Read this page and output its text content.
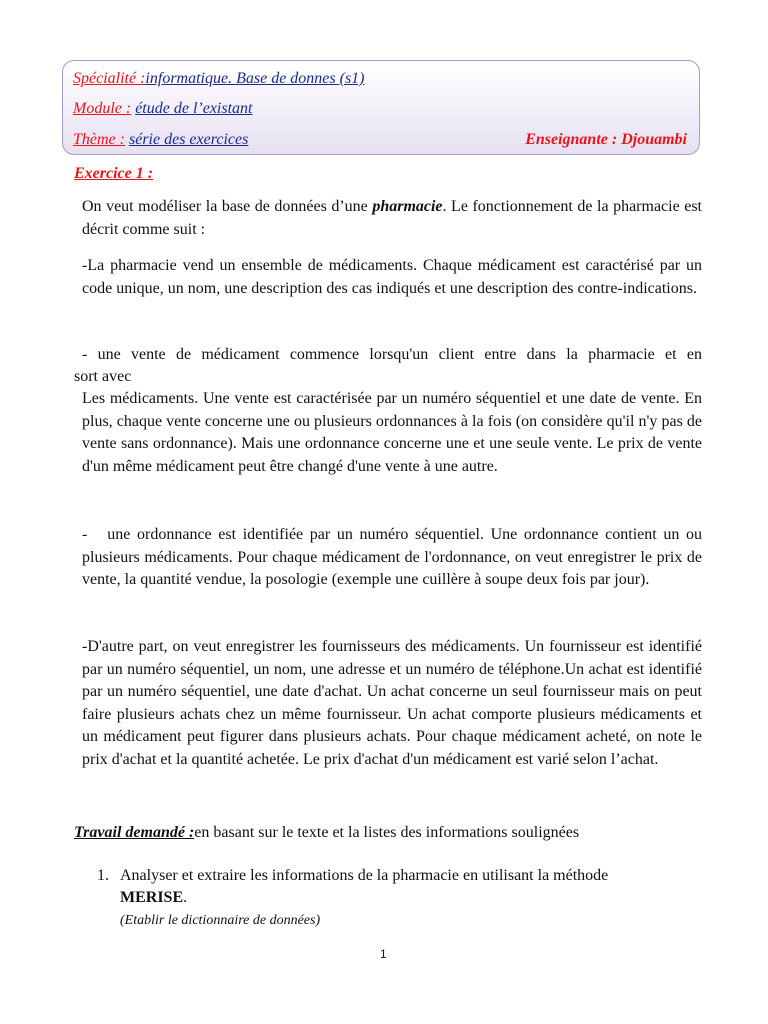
Spécialité :informatique. Base de donnes (s1)
Module : étude de l’existant
Thème : série des exercices	Enseignante : Djouambi
Exercice 1 :

On veut modéliser la base de données d’une pharmacie. Le fonctionnement de la pharmacie est décrit comme suit :

-La pharmacie vend un ensemble de médicaments. Chaque médicament est caractérisé par un code unique, un nom, une description des cas indiqués et une description des contre-indications.

- une vente de médicament commence lorsqu'un client entre dans la pharmacie et en
sort avec

Les médicaments. Une vente est caractérisée par un numéro séquentiel et une date de vente. En plus, chaque vente concerne une ou plusieurs ordonnances à la fois (on considère qu'il n'y pas de vente sans ordonnance). Mais une ordonnance concerne une et une seule vente. Le prix de vente d'un même médicament peut être changé d'une vente à une autre.

-   une ordonnance est identifiée par un numéro séquentiel. Une ordonnance contient un ou plusieurs médicaments. Pour chaque médicament de l'ordonnance, on veut enregistrer le prix de vente, la quantité vendue, la posologie (exemple une cuillère à soupe deux fois par jour).

-D'autre part, on veut enregistrer les fournisseurs des médicaments. Un fournisseur est identifié par un numéro séquentiel, un nom, une adresse et un numéro de téléphone.Un achat est identifié par un numéro séquentiel, une date d'achat. Un achat concerne un seul fournisseur mais on peut faire plusieurs achats chez un même fournisseur. Un achat comporte plusieurs médicaments et un médicament peut figurer dans plusieurs achats. Pour chaque médicament acheté, on note le prix d'achat et la quantité achetée. Le prix d'achat d'un médicament est varié selon l’achat.

Travail demandé :en basant sur le texte et la listes des informations soulignées
1. Analyser et extraire les informations de la pharmacie en utilisant la méthode
MERISE.
(Etablir le dictionnaire de données)
1
